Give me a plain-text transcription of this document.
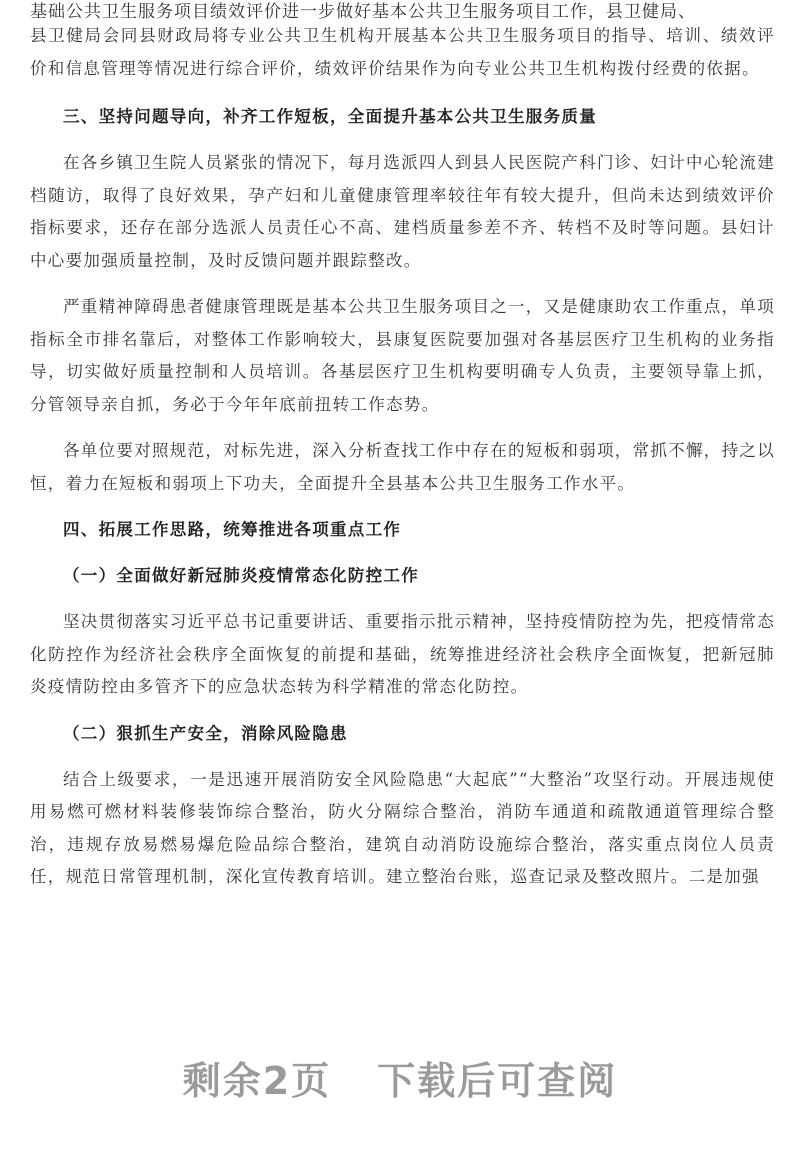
基础公共卫生服务项目绩效评价进一步做好基本公共卫生服务项目工作，县卫健局、

县卫健局会同县财政局将专业公共卫生机构开展基本公共卫生服务项目的指导、培训、绩效评价和信息管理等情况进行综合评价，绩效评价结果作为向专业公共卫生机构拨付经费的依据。

三、坚持问题导向，补齐工作短板，全面提升基本公共卫生服务质量

在各乡镇卫生院人员紧张的情况下，每月选派四人到县人民医院产科门诊、妇计中心轮流建档随访，取得了良好效果，孕产妇和儿童健康管理率较往年有较大提升，但尚未达到绩效评价指标要求，还存在部分选派人员责任心不高、建档质量参差不齐、转档不及时等问题。县妇计中心要加强质量控制，及时反馈问题并跟踪整改。

严重精神障碍患者健康管理既是基本公共卫生服务项目之一，又是健康助农工作重点，单项指标全市排名靠后，对整体工作影响较大，县康复医院要加强对各基层医疗卫生机构的业务指导，切实做好质量控制和人员培训。各基层医疗卫生机构要明确专人负责，主要领导靠上抓，分管领导亲自抓，务必于今年年底前扭转工作态势。

各单位要对照规范，对标先进，深入分析查找工作中存在的短板和弱项，常抓不懈，持之以恒，着力在短板和弱项上下功夫，全面提升全县基本公共卫生服务工作水平。

四、拓展工作思路，统筹推进各项重点工作

（一）全面做好新冠肺炎疫情常态化防控工作

坚决贯彻落实习近平总书记重要讲话、重要指示批示精神，坚持疫情防控为先，把疫情常态化防控作为经济社会秩序全面恢复的前提和基础，统筹推进经济社会秩序全面恢复，把新冠肺炎疫情防控由多管齐下的应急状态转为科学精准的常态化防控。

（二）狠抓生产安全，消除风险隐患

结合上级要求，一是迅速开展消防安全风险隐患“大起底”“大整治”攻坚行动。开展违规使用易燃可燃材料装修装饰综合整治，防火分隔综合整治，消防车通道和疏散通道管理综合整治，违规存放易燃易爆危险品综合整治，建筑自动消防设施综合整治，落实重点岗位人员责任，规范日常管理机制，深化宣传教育培训。建立整治台账，巡查记录及整改照片。二是加强

剩余2页 下载后可查阅
